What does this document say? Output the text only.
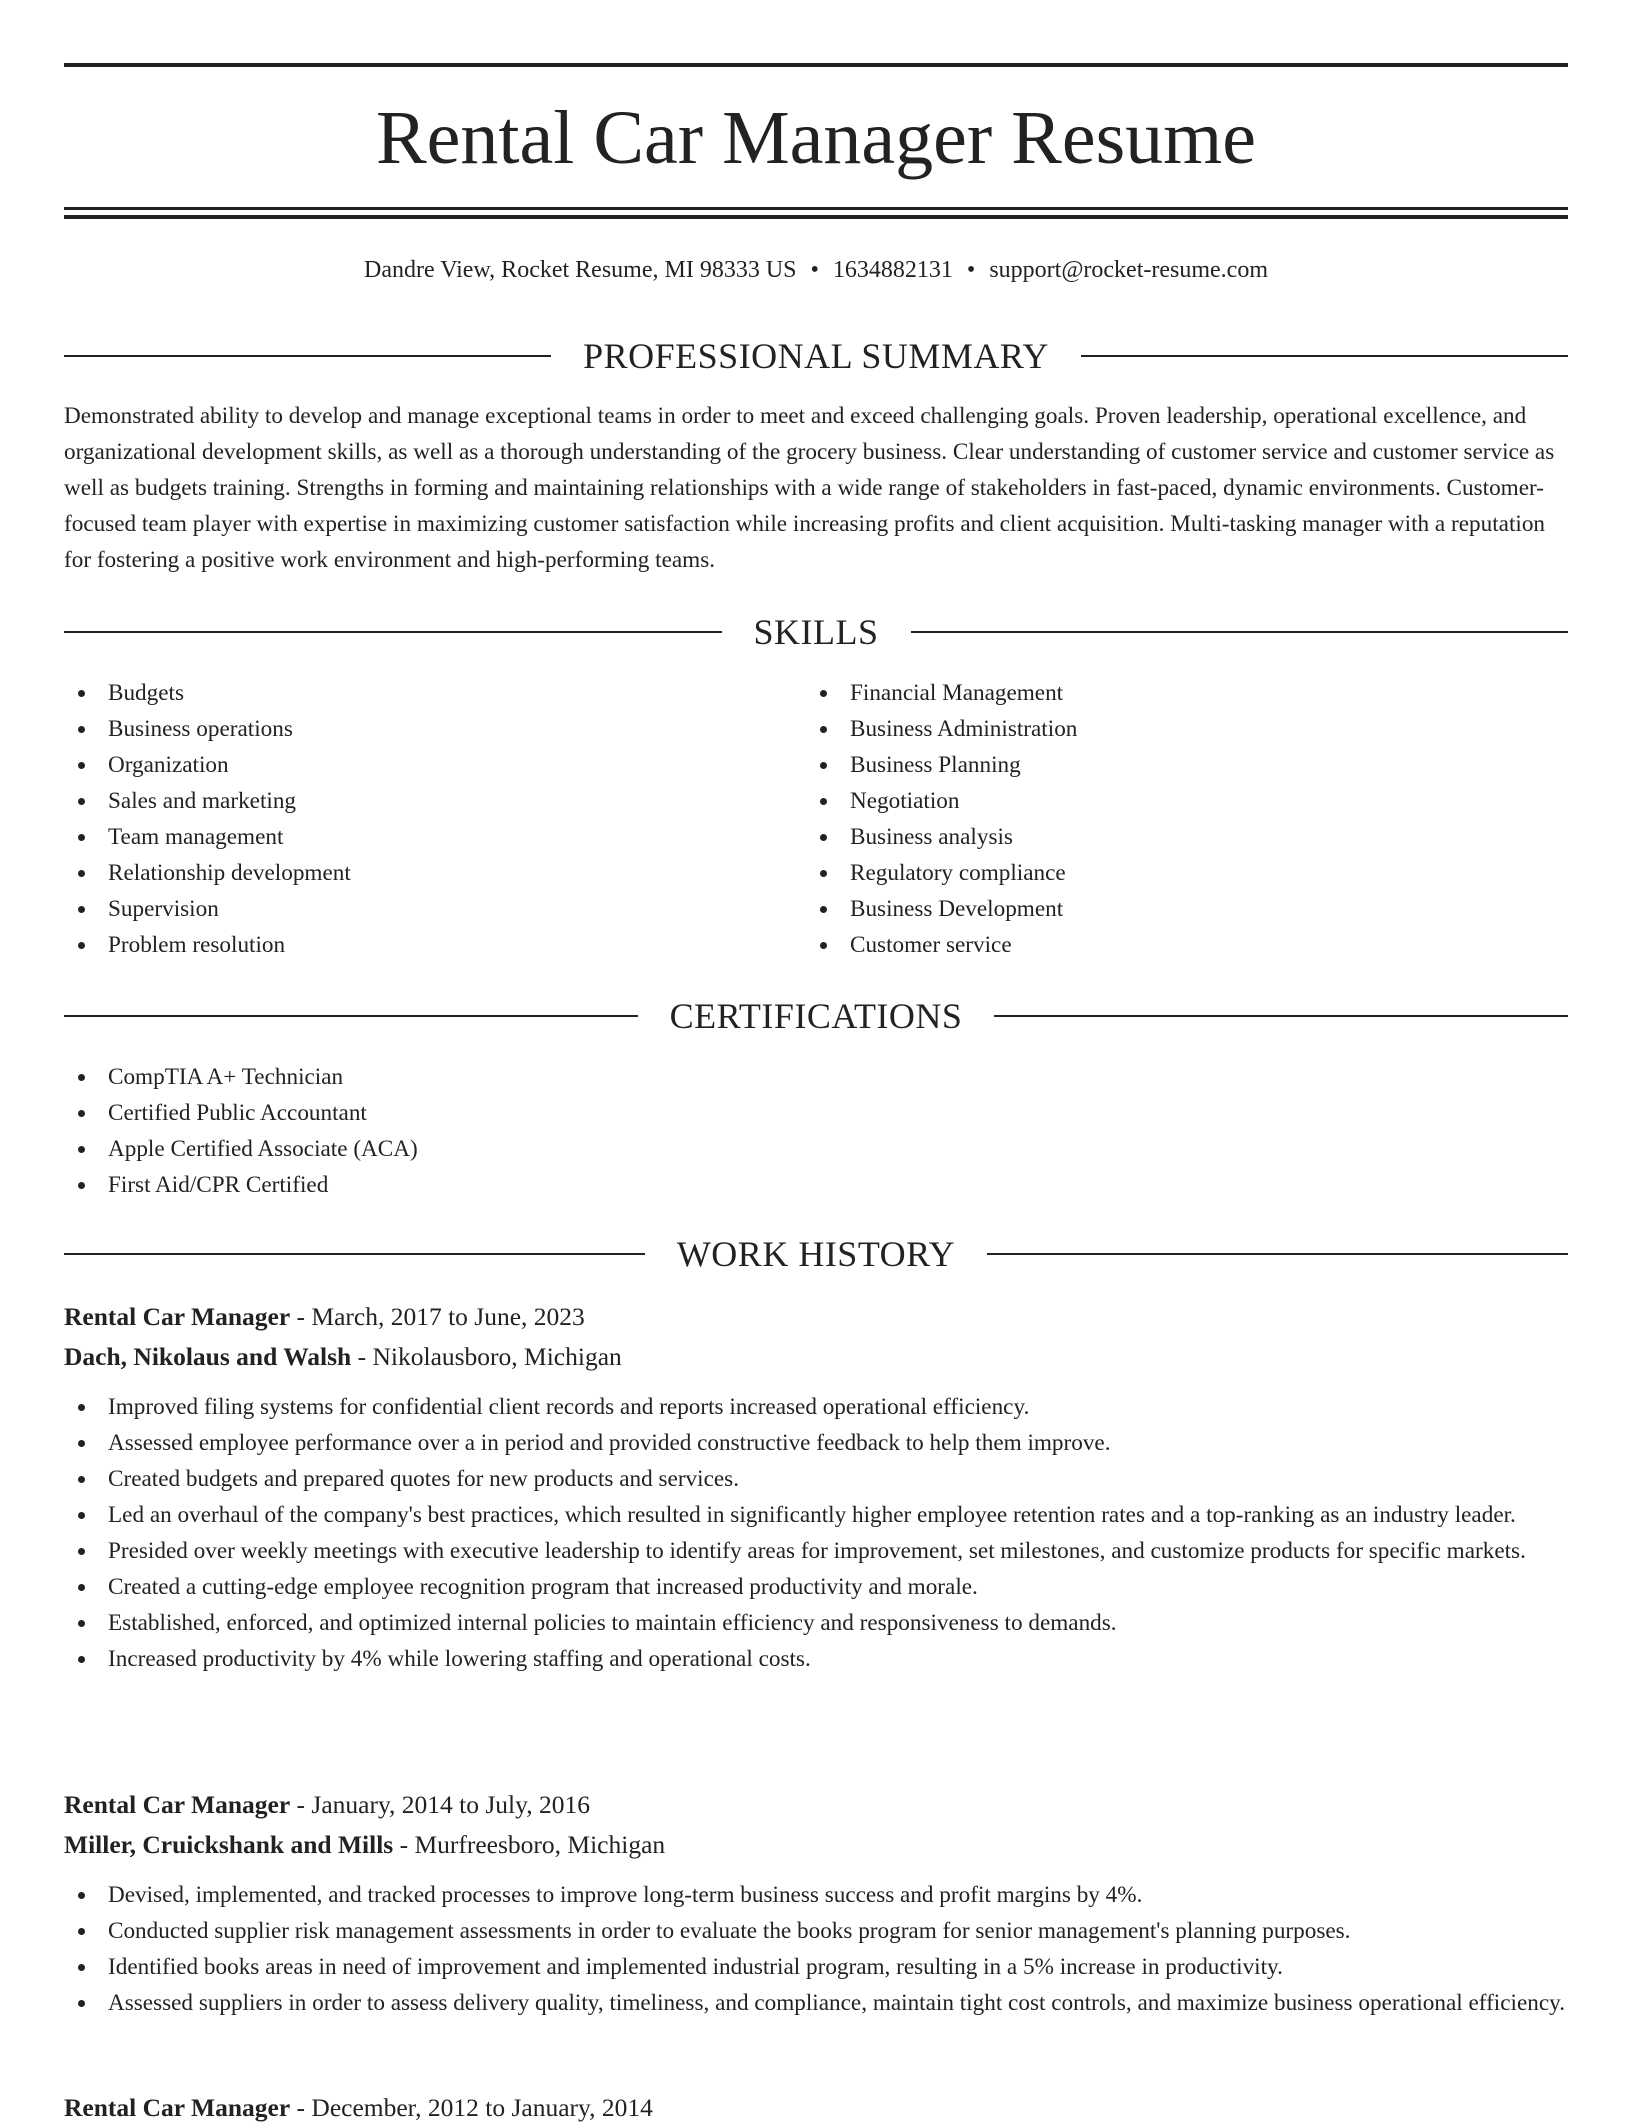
Rental Car Manager Resume
Dandre View, Rocket Resume, MI 98333 US • 1634882131 • support@rocket-resume.com
PROFESSIONAL SUMMARY

Demonstrated ability to develop and manage exceptional teams in order to meet and exceed challenging goals. Proven leadership, operational excellence, and organizational development skills, as well as a thorough understanding of the grocery business. Clear understanding of customer service and customer service as well as budgets training. Strengths in forming and maintaining relationships with a wide range of stakeholders in fast-paced, dynamic environments. Customer-focused team player with expertise in maximizing customer satisfaction while increasing profits and client acquisition. Multi-tasking manager with a reputation for fostering a positive work environment and high-performing teams.

SKILLS
Budgets
Business operations
Organization
Sales and marketing
Team management
Relationship development
Supervision
Problem resolution
Financial Management
Business Administration
Business Planning
Negotiation
Business analysis
Regulatory compliance
Business Development
Customer service
CERTIFICATIONS
CompTIA A+ Technician
Certified Public Accountant
Apple Certified Associate (ACA)
First Aid/CPR Certified
WORK HISTORY
Rental Car Manager - March, 2017 to June, 2023
Dach, Nikolaus and Walsh - Nikolausboro, Michigan
Improved filing systems for confidential client records and reports increased operational efficiency.
Assessed employee performance over a in period and provided constructive feedback to help them improve.
Created budgets and prepared quotes for new products and services.
Led an overhaul of the company's best practices, which resulted in significantly higher employee retention rates and a top-ranking as an industry leader.
Presided over weekly meetings with executive leadership to identify areas for improvement, set milestones, and customize products for specific markets.
Created a cutting-edge employee recognition program that increased productivity and morale.
Established, enforced, and optimized internal policies to maintain efficiency and responsiveness to demands.
Increased productivity by 4% while lowering staffing and operational costs.
Rental Car Manager - January, 2014 to July, 2016
Miller, Cruickshank and Mills - Murfreesboro, Michigan
Devised, implemented, and tracked processes to improve long-term business success and profit margins by 4%.
Conducted supplier risk management assessments in order to evaluate the books program for senior management's planning purposes.
Identified books areas in need of improvement and implemented industrial program, resulting in a 5% increase in productivity.
Assessed suppliers in order to assess delivery quality, timeliness, and compliance, maintain tight cost controls, and maximize business operational efficiency.
Rental Car Manager - December, 2012 to January, 2014
